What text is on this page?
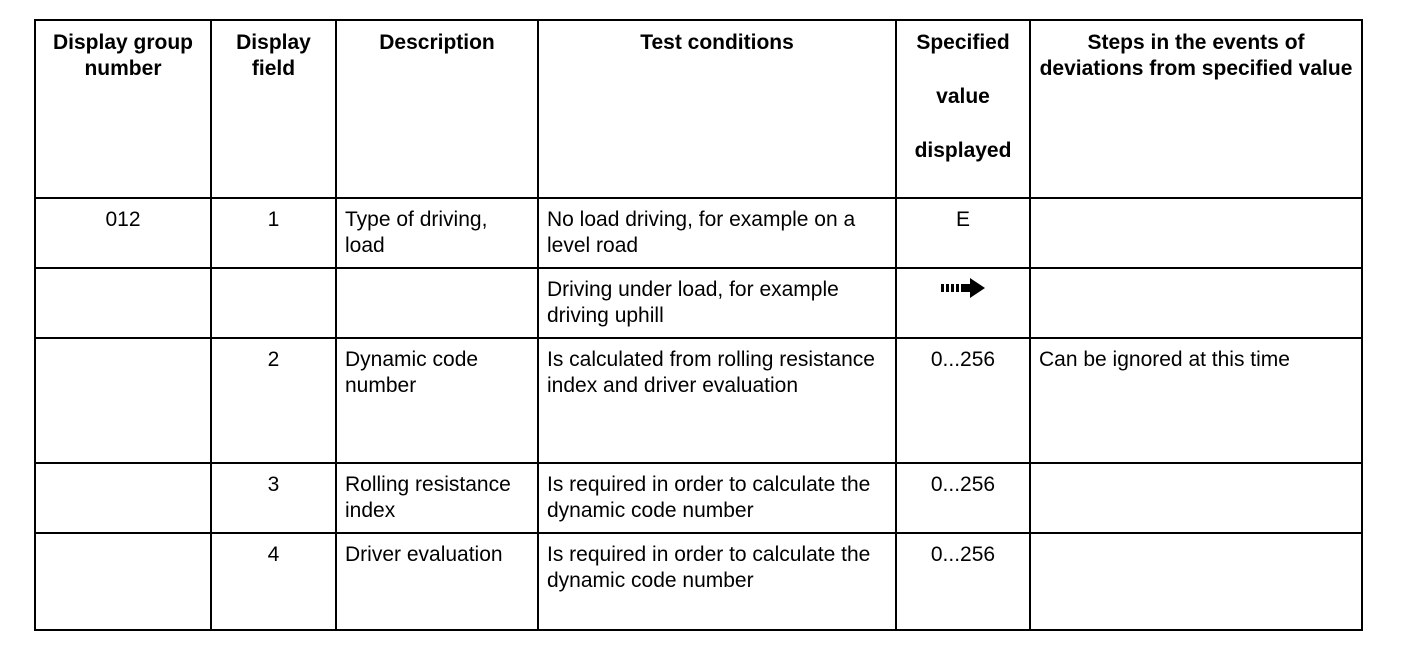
Display group number	Display field	Description	Test conditions	Specified
value
displayed	Steps in the events of deviations from specified value
012	1	Type of driving, load	No load driving, for example on a level road	E	
			Driving under load, for example driving uphill		
	2	Dynamic code number	Is calculated from rolling resistance index and driver evaluation	0...256	Can be ignored at this time
	3	Rolling resistance index	Is required in order to calculate the dynamic code number	0...256	
	4	Driver evaluation	Is required in order to calculate the dynamic code number	0...256	
